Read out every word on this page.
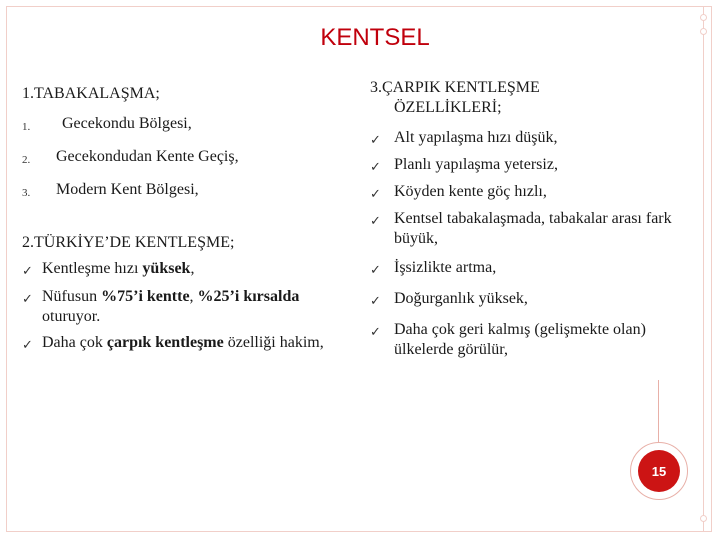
KENTSEL
1.TABAKALAŞMA;
1.	Gecekondu Bölgesi,
2.	Gecekondudan Kente Geçiş,
3.	Modern Kent Bölgesi,
2.TÜRKİYE’DE KENTLEŞME;
✓ Kentleşme hızı yüksek,
✓ Nüfusun %75’i kentte, %25’i kırsalda oturuyor.
✓ Daha çok çarpık kentleşme özelliği hakim,
3.ÇARPIK KENTLEŞME
ÖZELLİKLERİ;
✓ Alt yapılaşma hızı düşük,
✓ Planlı yapılaşma yetersiz,
✓ Köyden kente göç hızlı,
✓ Kentsel tabakalaşmada, tabakalar arası fark büyük,
✓ İşsizlikte artma,
✓ Doğurganlık yüksek,
✓ Daha çok geri kalmış (gelişmekte olan) ülkelerde görülür,
15
